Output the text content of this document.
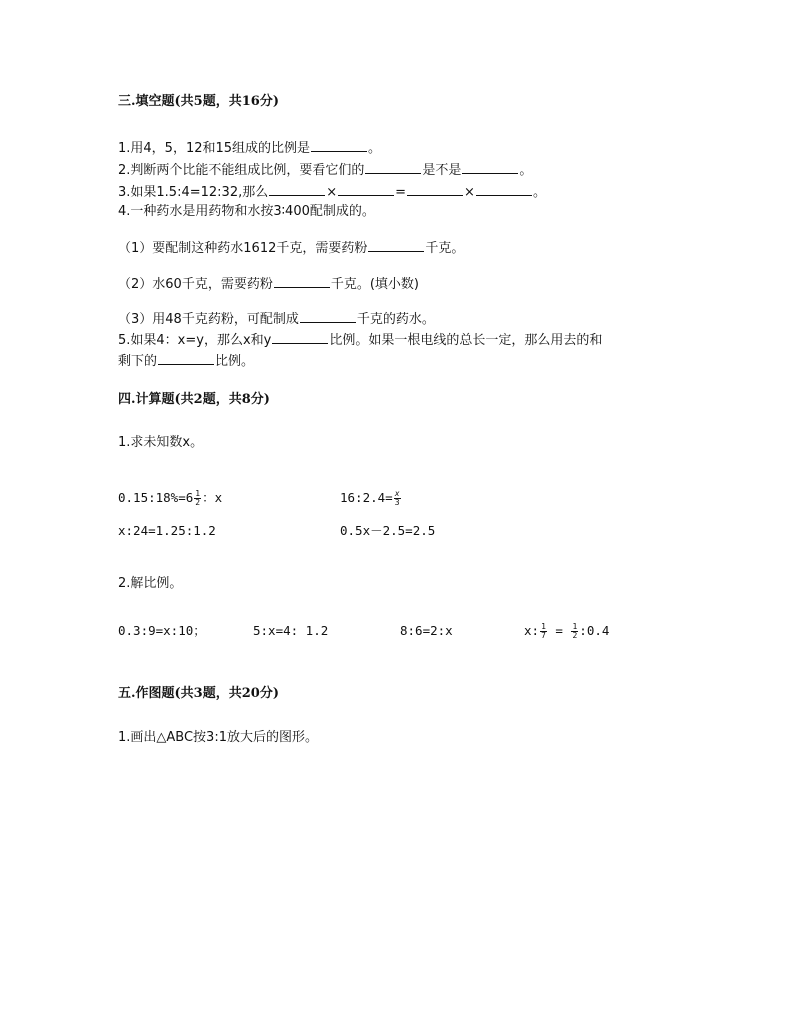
三.填空题(共5题，共16分)
1.用4，5，12和15组成的比例是	。
2.判断两个比能不能组成比例，要看它们的	是不是	。
3.如果1.5:4=12:32,那么	×	=	×	。
4.一种药水是用药物和水按3∶400配制成的。
（1）要配制这种药水1612千克，需要药粉	千克。
（2）水60千克，需要药粉	千克。(填小数)
（3）用48千克药粉，可配制成	千克的药水。
5.如果4：x=y，那么x和y	比例。如果一根电线的总长一定，那么用去的和
剩下的	比例。
四.计算题(共2题，共8分)
1.求未知数x。
0.15:18%=6 $\frac{1}{2}$ ：x	16:2.4= $\frac{x}{3}$
x:24=1.25:1.2	0.5x－2.5=2.5
2.解比例。
0.3:9=x:10；	5:x=4: 1.2	8:6=2:x	x: $\frac{1}{7} = \frac{1}{2}$ :0.4
五.作图题(共3题，共20分)
1.画出△ABC按3:1放大后的图形。
